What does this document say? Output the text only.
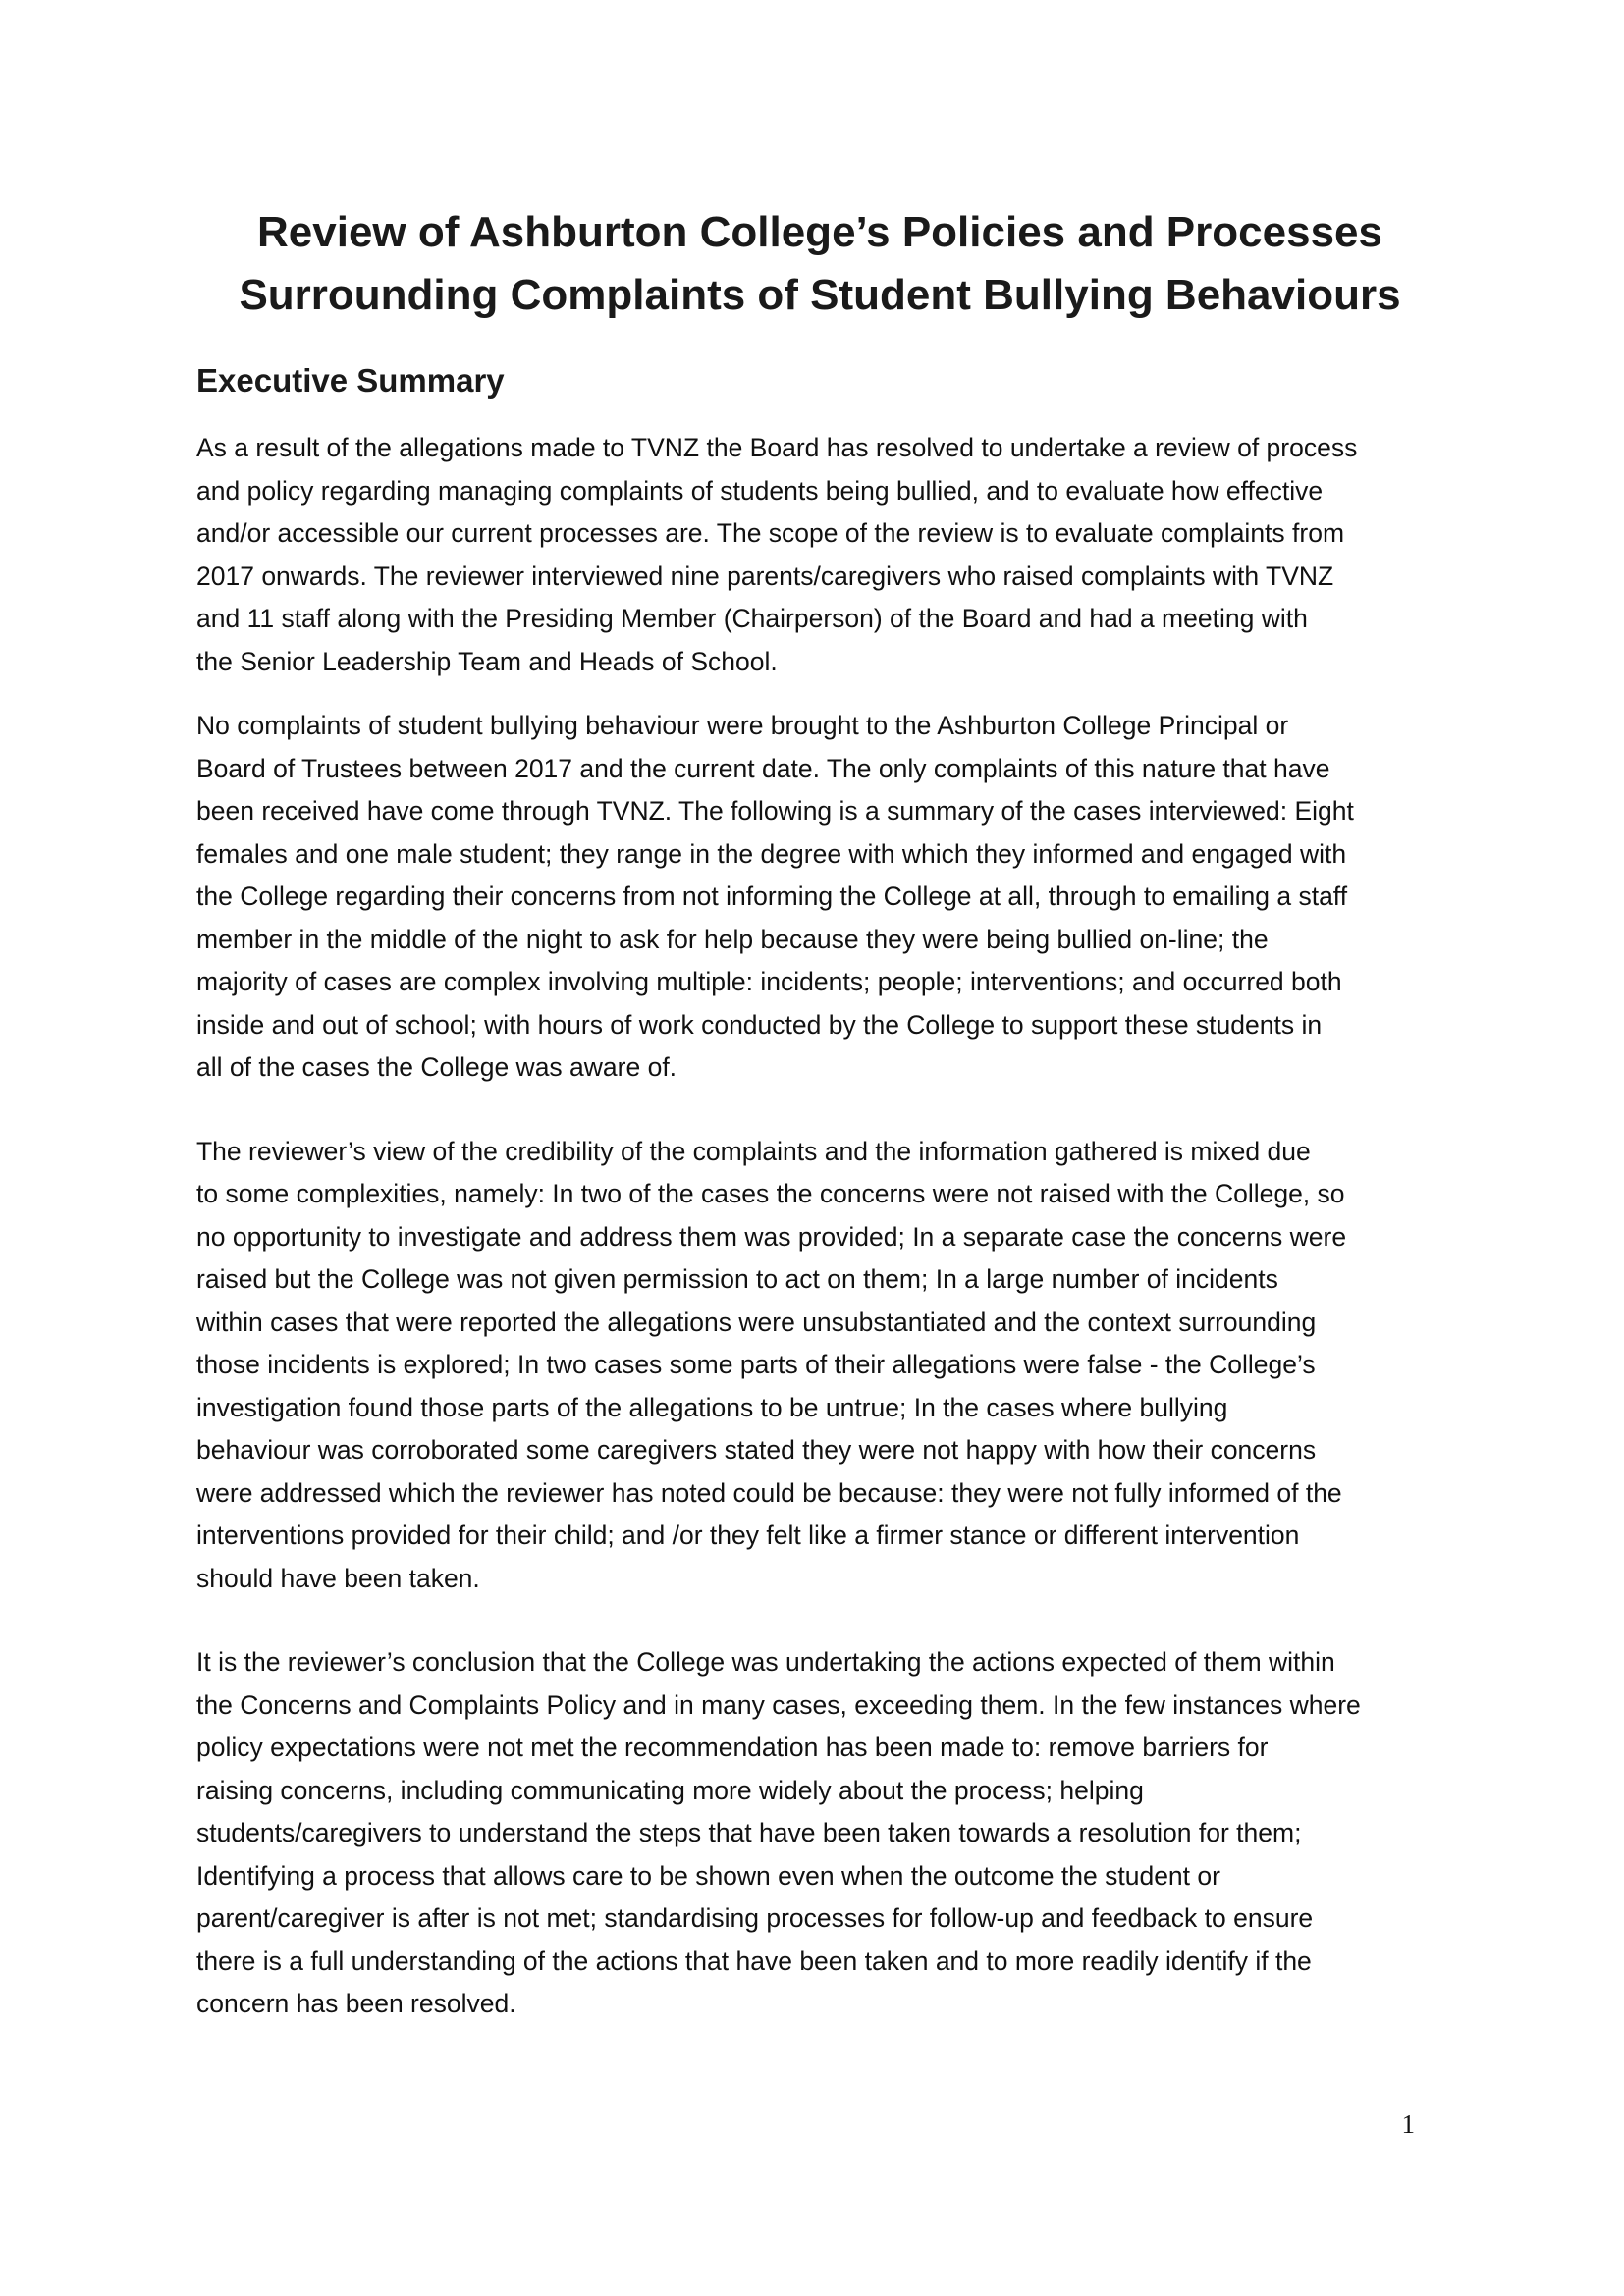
Review of Ashburton College’s Policies and Processes
Surrounding Complaints of Student Bullying Behaviours
Executive Summary

As a result of the allegations made to TVNZ the Board has resolved to undertake a review of process
and policy regarding managing complaints of students being bullied, and to evaluate how effective
and/or accessible our current processes are. The scope of the review is to evaluate complaints from
2017 onwards. The reviewer interviewed nine parents/caregivers who raised complaints with TVNZ
and 11 staff along with the Presiding Member (Chairperson) of the Board and had a meeting with
the Senior Leadership Team and Heads of School.

No complaints of student bullying behaviour were brought to the Ashburton College Principal or
Board of Trustees between 2017 and the current date. The only complaints of this nature that have
been received have come through TVNZ. The following is a summary of the cases interviewed: Eight
females and one male student; they range in the degree with which they informed and engaged with
the College regarding their concerns from not informing the College at all, through to emailing a staff
member in the middle of the night to ask for help because they were being bullied on-line; the
majority of cases are complex involving multiple: incidents; people; interventions; and occurred both
inside and out of school; with hours of work conducted by the College to support these students in
all of the cases the College was aware of.

The reviewer’s view of the credibility of the complaints and the information gathered is mixed due
to some complexities, namely: In two of the cases the concerns were not raised with the College, so
no opportunity to investigate and address them was provided; In a separate case the concerns were
raised but the College was not given permission to act on them; In a large number of incidents
within cases that were reported the allegations were unsubstantiated and the context surrounding
those incidents is explored; In two cases some parts of their allegations were false - the College’s
investigation found those parts of the allegations to be untrue; In the cases where bullying
behaviour was corroborated some caregivers stated they were not happy with how their concerns
were addressed which the reviewer has noted could be because: they were not fully informed of the
interventions provided for their child; and /or they felt like a firmer stance or different intervention
should have been taken.

It is the reviewer’s conclusion that the College was undertaking the actions expected of them within
the Concerns and Complaints Policy and in many cases, exceeding them. In the few instances where
policy expectations were not met the recommendation has been made to: remove barriers for
raising concerns, including communicating more widely about the process; helping
students/caregivers to understand the steps that have been taken towards a resolution for them;
Identifying a process that allows care to be shown even when the outcome the student or
parent/caregiver is after is not met; standardising processes for follow-up and feedback to ensure
there is a full understanding of the actions that have been taken and to more readily identify if the
concern has been resolved.

1
